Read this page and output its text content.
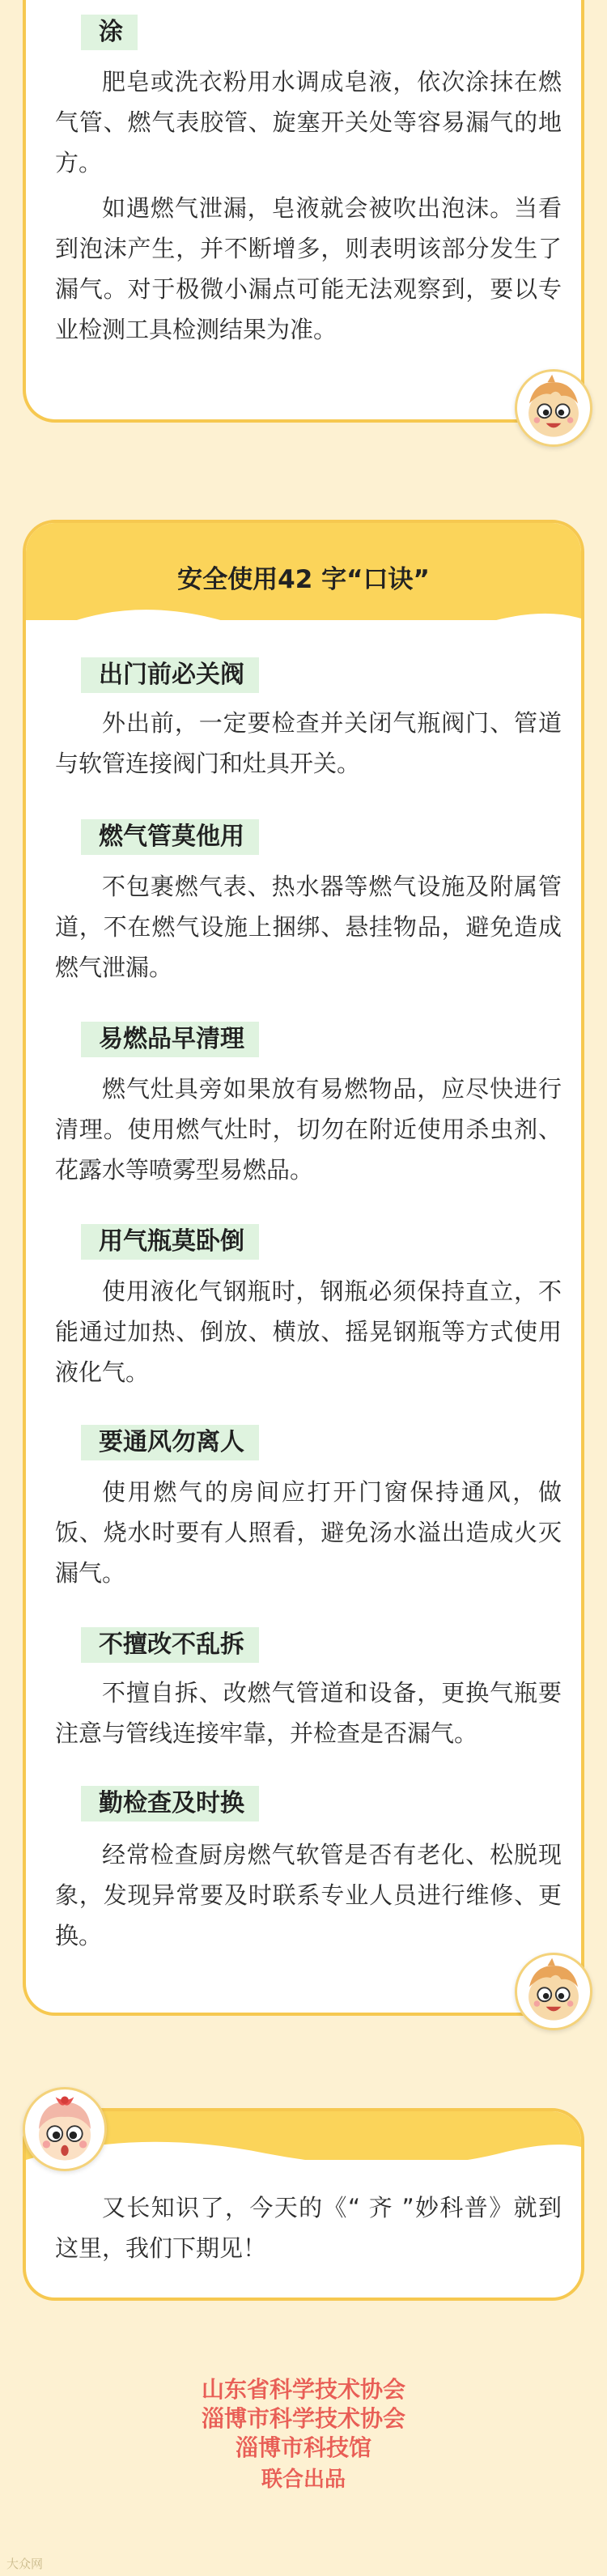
涂

肥皂或洗衣粉用水调成皂液，依次涂抹在燃气管、燃气表胶管、旋塞开关处等容易漏气的地方。

如遇燃气泄漏，皂液就会被吹出泡沫。当看到泡沫产生，并不断增多，则表明该部分发生了漏气。对于极微小漏点可能无法观察到，要以专业检测工具检测结果为准。

安全使用42 字“口诀”
出门前必关阀

外出前，一定要检查并关闭气瓶阀门、管道与软管连接阀门和灶具开关。

燃气管莫他用

不包裹燃气表、热水器等燃气设施及附属管道，不在燃气设施上捆绑、悬挂物品，避免造成燃气泄漏。

易燃品早清理

燃气灶具旁如果放有易燃物品，应尽快进行清理。使用燃气灶时，切勿在附近使用杀虫剂、花露水等喷雾型易燃品。

用气瓶莫卧倒

使用液化气钢瓶时，钢瓶必须保持直立，不能通过加热、倒放、横放、摇晃钢瓶等方式使用液化气。

要通风勿离人

使用燃气的房间应打开门窗保持通风，做饭、烧水时要有人照看，避免汤水溢出造成火灭漏气。

不擅改不乱拆

不擅自拆、改燃气管道和设备，更换气瓶要注意与管线连接牢靠，并检查是否漏气。

勤检查及时换

经常检查厨房燃气软管是否有老化、松脱现象，发现异常要及时联系专业人员进行维修、更换。

又长知识了，今天的《“ 齐 ”妙科普》就到这里，我们下期见！

山东省科学技术协会
淄博市科学技术协会
淄博市科技馆
联合出品
大众网
